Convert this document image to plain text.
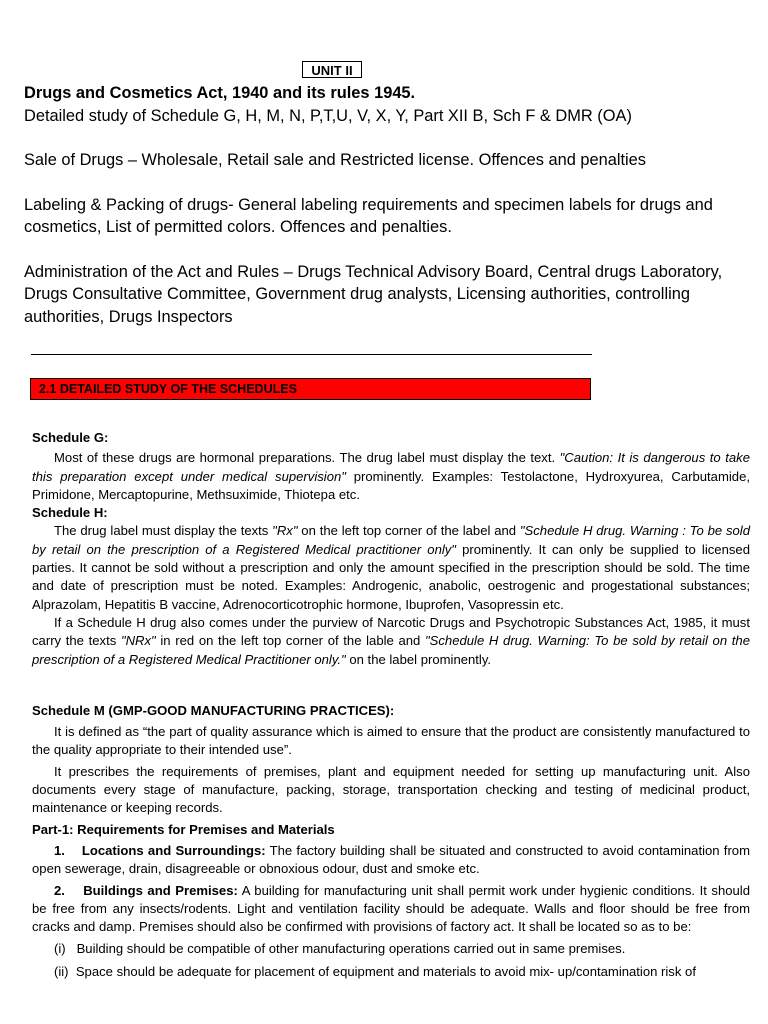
UNIT II

Drugs and Cosmetics Act, 1940 and its rules 1945.

Detailed study of Schedule G, H, M, N, P,T,U, V, X, Y, Part XII B, Sch F & DMR (OA)

Sale of Drugs – Wholesale, Retail sale and Restricted license. Offences and penalties

Labeling & Packing of drugs- General labeling requirements and specimen labels for drugs and cosmetics, List of permitted colors. Offences and penalties.

Administration of the Act and Rules – Drugs Technical Advisory Board, Central drugs Laboratory, Drugs Consultative Committee, Government drug analysts, Licensing authorities, controlling authorities, Drugs Inspectors

2.1 DETAILED STUDY OF THE SCHEDULES

Schedule G:

Most of these drugs are hormonal preparations. The drug label must display the text. "Caution: It is dangerous to take this preparation except under medical supervision" prominently. Examples: Testolactone, Hydroxyurea, Carbutamide, Primidone, Mercaptopurine, Methsuximide, Thiotepa etc.

Schedule H:

The drug label must display the texts "Rx" on the left top corner of the label and "Schedule H drug. Warning : To be sold by retail on the prescription of a Registered Medical practitioner only" prominently. It can only be supplied to licensed parties. It cannot be sold without a prescription and only the amount specified in the prescription should be sold. The time and date of prescription must be noted. Examples: Androgenic, anabolic, oestrogenic and progestational substances; Alprazolam, Hepatitis B vaccine, Adrenocorticotrophic hormone, Ibuprofen, Vasopressin etc.

If a Schedule H drug also comes under the purview of Narcotic Drugs and Psychotropic Substances Act, 1985, it must carry the texts "NRx" in red on the left top corner of the lable and "Schedule H drug. Warning: To be sold by retail on the prescription of a Registered Medical Practitioner only." on the label prominently.

Schedule M (GMP-GOOD MANUFACTURING PRACTICES):

It is defined as “the part of quality assurance which is aimed to ensure that the product are consistently manufactured to the quality appropriate to their intended use”.

It prescribes the requirements of premises, plant and equipment needed for setting up manufacturing unit. Also documents every stage of manufacture, packing, storage, transportation checking and testing of medicinal product, maintenance or keeping records.

Part-1: Requirements for Premises and Materials

1. Locations and Surroundings: The factory building shall be situated and constructed to avoid contamination from open sewerage, drain, disagreeable or obnoxious odour, dust and smoke etc.

2. Buildings and Premises: A building for manufacturing unit shall permit work under hygienic conditions. It should be free from any insects/rodents. Light and ventilation facility should be adequate. Walls and floor should be free from cracks and damp. Premises should also be confirmed with provisions of factory act. It shall be located so as to be:

(i) Building should be compatible of other manufacturing operations carried out in same premises.

(ii) Space should be adequate for placement of equipment and materials to avoid mix- up/contamination risk of
